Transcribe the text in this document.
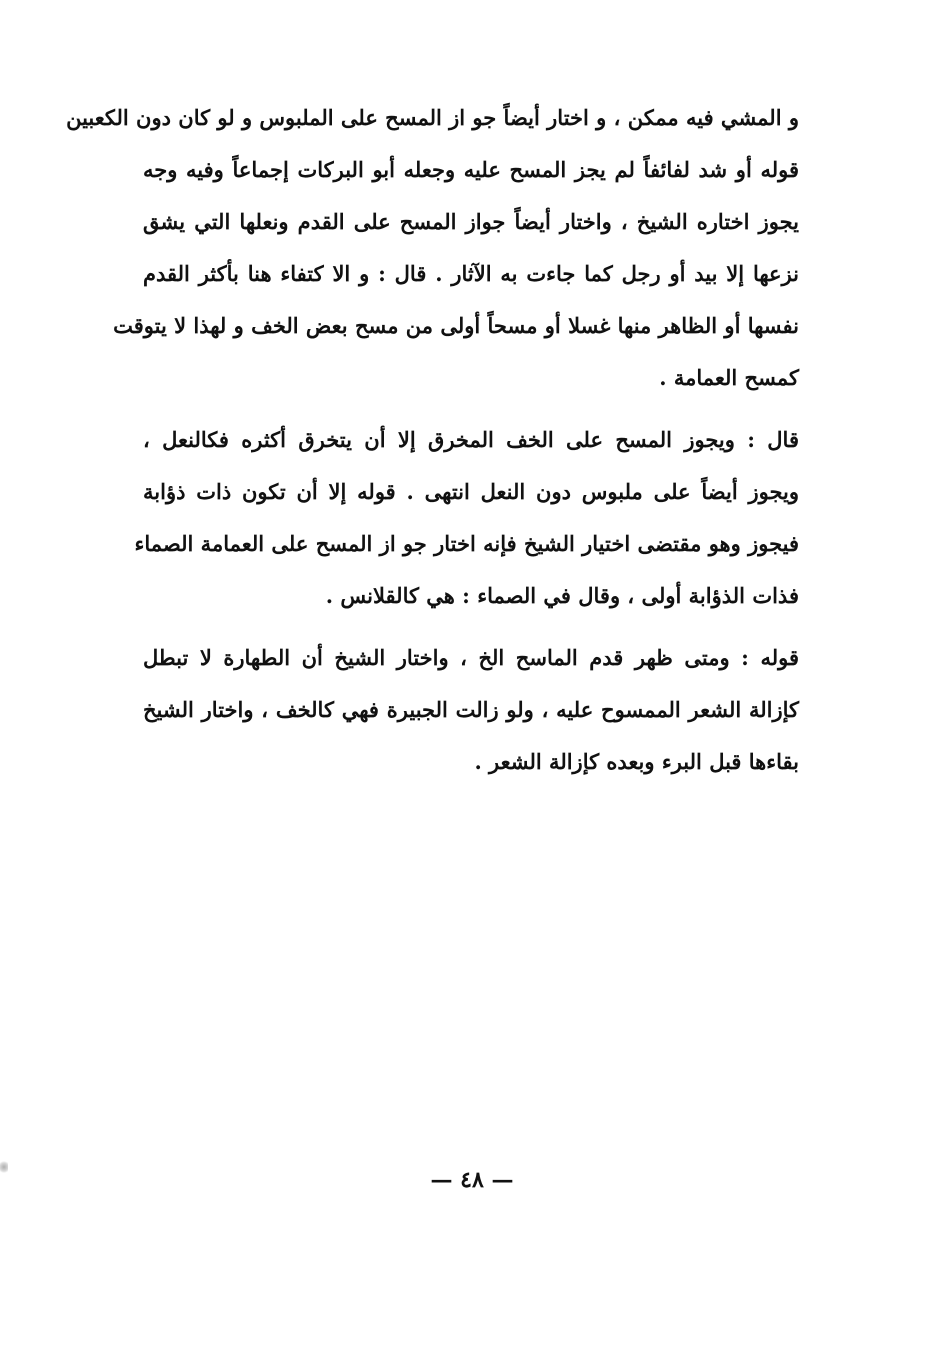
و المشي فيه ممكن ، و اختار أيضاً جو از المسح على الملبوس و لو كان دون الكعبين
قوله أو شد لفائفاً لم يجز المسح عليه وجعله أبو البركات إجماعاً وفيه وجه
يجوز اختاره الشيخ ، واختار أيضاً جواز المسح على القدم ونعلها التي يشق
نزعها إلا بيد أو رجل كما جاءت به الآثار . قال : و الا كتفاء هنا بأكثر القدم
نفسها أو الظاهر منها غسلا أو مسحاً أولى من مسح بعض الخف و لهذا لا يتوقت
كمسح العمامة .
قال : ويجوز المسح على الخف المخرق إلا أن يتخرق أكثره فكالنعل ،
ويجوز أيضاً على ملبوس دون النعل انتهى . قوله إلا أن تكون ذات ذؤابة
فيجوز وهو مقتضى اختيار الشيخ فإنه اختار جو از المسح على العمامة الصماء
فذات الذؤابة أولى ، وقال في الصماء : هي كالقلانس .
قوله : ومتى ظهر قدم الماسح الخ ، واختار الشيخ أن الطهارة لا تبطل
كإزالة الشعر الممسوح عليه ، ولو زالت الجبيرة فهي كالخف ، واختار الشيخ
بقاءها قبل البرء وبعده كإزالة الشعر .
— ٤٨ —
